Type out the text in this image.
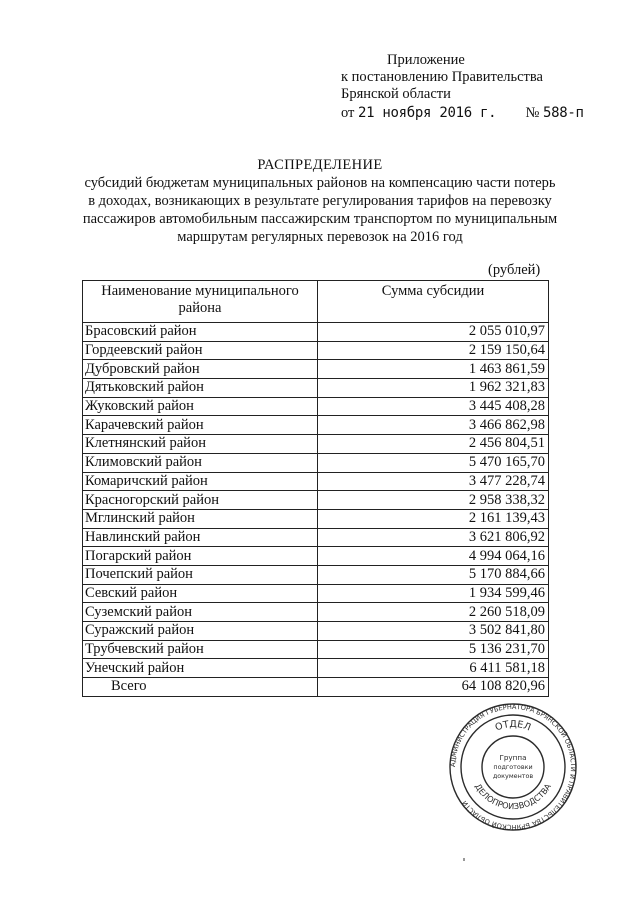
Приложение
к постановлению Правительства
Брянской области
от 21 ноября 2016 г. № 588-п
РАСПРЕДЕЛЕНИЕ
субсидий бюджетам муниципальных районов на компенсацию части потерь
в доходах, возникающих в результате регулирования тарифов на перевозку
пассажиров автомобильным пассажирским транспортом по муниципальным
маршрутам регулярных перевозок на 2016 год
(рублей)
Наименование муниципального
района	Сумма субсидии
Брасовский район	2 055 010,97
Гордеевский район	2 159 150,64
Дубровский район	1 463 861,59
Дятьковский район	1 962 321,83
Жуковский район	3 445 408,28
Карачевский район	3 466 862,98
Клетнянский район	2 456 804,51
Климовский район	5 470 165,70
Комаричский район	3 477 228,74
Красногорский район	2 958 338,32
Мглинский район	2 161 139,43
Навлинский район	3 621 806,92
Погарский район	4 994 064,16
Почепский район	5 170 884,66
Севский район	1 934 599,46
Суземский район	2 260 518,09
Суражский район	3 502 841,80
Трубчевский район	5 136 231,70
Унечский район	6 411 581,18
Всего	64 108 820,96
АДМИНИСТРАЦИЯ ГУБЕРНАТОРА БРЯНСКОЙ ОБЛАСТИ И ПРАВИТЕЛЬСТВА БРЯНСКОЙ ОБЛАСТИ
ОТДЕЛ
ДЕЛОПРОИЗВОДСТВА
Группа
подготовки
документов
